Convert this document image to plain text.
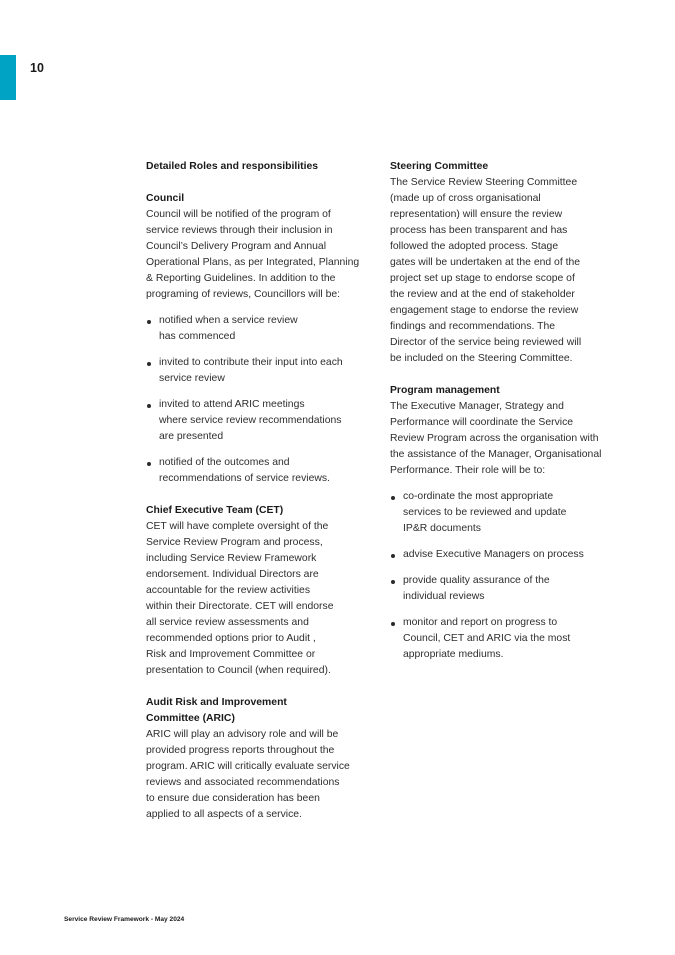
10

Detailed Roles and responsibilities

Council

Council will be notified of the program of
service reviews through their inclusion in
Council’s Delivery Program and Annual
Operational Plans, as per Integrated, Planning
& Reporting Guidelines. In addition to the
programing of reviews, Councillors will be:

notified when a service review
has commenced
invited to contribute their input into each
service review
invited to attend ARIC meetings
where service review recommendations
are presented
notified of the outcomes and
recommendations of service reviews.

Chief Executive Team (CET)

CET will have complete oversight of the
Service Review Program and process,
including Service Review Framework
endorsement. Individual Directors are
accountable for the review activities
within their Directorate. CET will endorse
all service review assessments and
recommended options prior to Audit ,
Risk and Improvement Committee or
presentation to Council (when required).

Audit Risk and Improvement
Committee (ARIC)

ARIC will play an advisory role and will be
provided progress reports throughout the
program. ARIC will critically evaluate service
reviews and associated recommendations
to ensure due consideration has been
applied to all aspects of a service.

Steering Committee

The Service Review Steering Committee
(made up of cross organisational
representation) will ensure the review
process has been transparent and has
followed the adopted process. Stage
gates will be undertaken at the end of the
project set up stage to endorse scope of
the review and at the end of stakeholder
engagement stage to endorse the review
findings and recommendations. The
Director of the service being reviewed will
be included on the Steering Committee.

Program management

The Executive Manager, Strategy and
Performance will coordinate the Service
Review Program across the organisation with
the assistance of the Manager, Organisational
Performance. Their role will be to:

co-ordinate the most appropriate
services to be reviewed and update
IP&R documents
advise Executive Managers on process
provide quality assurance of the
individual reviews
monitor and report on progress to
Council, CET and ARIC via the most
appropriate mediums.
Service Review Framework - May 2024
